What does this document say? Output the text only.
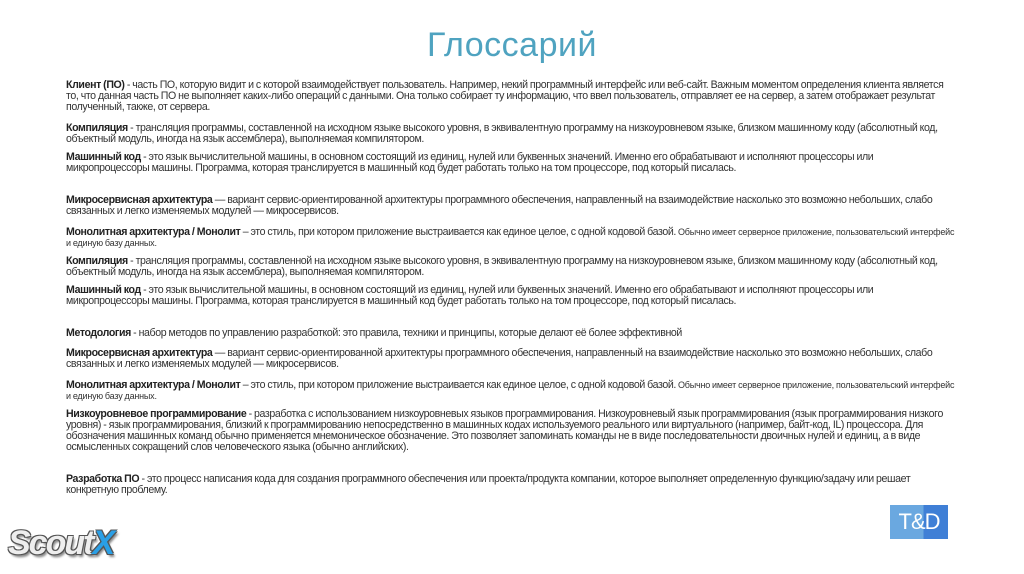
Глоссарий
Клиент (ПО) - часть ПО, которую видит и с которой взаимодействует пользователь. Например, некий программный интерфейс или веб-сайт. Важным моментом определения клиента является то, что данная часть ПО не выполняет каких-либо операций с данными. Она только собирает ту информацию, что ввел пользователь, отправляет ее на сервер, а затем отображает результат полученный, также, от сервера.
Компиляция - трансляция программы, составленной на исходном языке высокого уровня, в эквивалентную программу на низкоуровневом языке, близком машинному коду (абсолютный код, объектный модуль, иногда на язык ассемблера), выполняемая компилятором.
Машинный код - это язык вычислительной машины, в основном состоящий из единиц, нулей или буквенных значений. Именно его обрабатывают и исполняют процессоры или микропроцессоры машины. Программа, которая транслируется в машинный код будет работать только на том процессоре, под который писалась.
Микросервисная архитектура — вариант сервис-ориентированной архитектуры программного обеспечения, направленный на взаимодействие насколько это возможно небольших, слабо связанных и легко изменяемых модулей — микросервисов.
Монолитная архитектура / Монолит – это стиль, при котором приложение выстраивается как единое целое, с одной кодовой базой. Обычно имеет серверное приложение, пользовательский интерфейс и единую базу данных.
Компиляция - трансляция программы, составленной на исходном языке высокого уровня, в эквивалентную программу на низкоуровневом языке, близком машинному коду (абсолютный код, объектный модуль, иногда на язык ассемблера), выполняемая компилятором.
Машинный код - это язык вычислительной машины, в основном состоящий из единиц, нулей или буквенных значений. Именно его обрабатывают и исполняют процессоры или микропроцессоры машины. Программа, которая транслируется в машинный код будет работать только на том процессоре, под который писалась.
Методология - набор методов по управлению разработкой: это правила, техники и принципы, которые делают её более эффективной
Микросервисная архитектура — вариант сервис-ориентированной архитектуры программного обеспечения, направленный на взаимодействие насколько это возможно небольших, слабо связанных и легко изменяемых модулей — микросервисов.
Монолитная архитектура / Монолит – это стиль, при котором приложение выстраивается как единое целое, с одной кодовой базой. Обычно имеет серверное приложение, пользовательский интерфейс и единую базу данных.
Низкоуровневое программирование - разработка с использованием низкоуровневых языков программирования. Низкоуровневый язык программирования (язык программирования низкого уровня) - язык программирования, близкий к программированию непосредственно в машинных кодах используемого реального или виртуального (например, байт-код, IL) процессора. Для обозначения машинных команд обычно применяется мнемоническое обозначение. Это позволяет запоминать команды не в виде последовательности двоичных нулей и единиц, а в виде осмысленных сокращений слов человеческого языка (обычно английских).
Разработка ПО - это процесс написания кода для создания программного обеспечения или проекта/продукта компании, которое выполняет определенную функцию/задачу или решает конкретную проблему.
ScoutX
T&D
